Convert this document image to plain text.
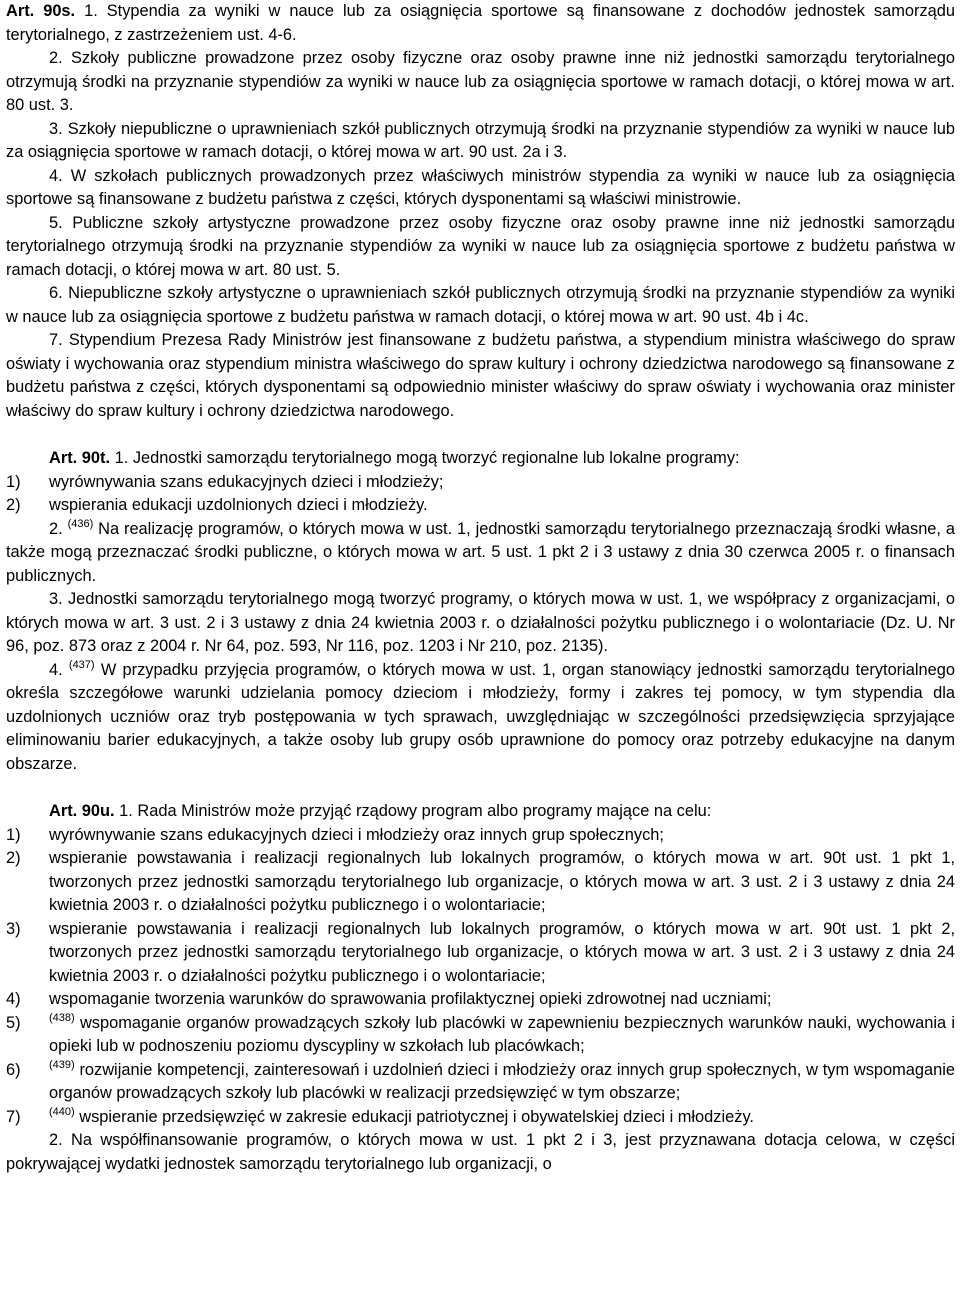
Art. 90s. 1. Stypendia za wyniki w nauce lub za osiągnięcia sportowe są finansowane z dochodów jednostek samorządu terytorialnego, z zastrzeżeniem ust. 4-6.

2. Szkoły publiczne prowadzone przez osoby fizyczne oraz osoby prawne inne niż jednostki samorządu terytorialnego otrzymują środki na przyznanie stypendiów za wyniki w nauce lub za osiągnięcia sportowe w ramach dotacji, o której mowa w art. 80 ust. 3.

3. Szkoły niepubliczne o uprawnieniach szkół publicznych otrzymują środki na przyznanie stypendiów za wyniki w nauce lub za osiągnięcia sportowe w ramach dotacji, o której mowa w art. 90 ust. 2a i 3.

4. W szkołach publicznych prowadzonych przez właściwych ministrów stypendia za wyniki w nauce lub za osiągnięcia sportowe są finansowane z budżetu państwa z części, których dysponentami są właściwi ministrowie.

5. Publiczne szkoły artystyczne prowadzone przez osoby fizyczne oraz osoby prawne inne niż jednostki samorządu terytorialnego otrzymują środki na przyznanie stypendiów za wyniki w nauce lub za osiągnięcia sportowe z budżetu państwa w ramach dotacji, o której mowa w art. 80 ust. 5.

6. Niepubliczne szkoły artystyczne o uprawnieniach szkół publicznych otrzymują środki na przyznanie stypendiów za wyniki w nauce lub za osiągnięcia sportowe z budżetu państwa w ramach dotacji, o której mowa w art. 90 ust. 4b i 4c.

7. Stypendium Prezesa Rady Ministrów jest finansowane z budżetu państwa, a stypendium ministra właściwego do spraw oświaty i wychowania oraz stypendium ministra właściwego do spraw kultury i ochrony dziedzictwa narodowego są finansowane z budżetu państwa z części, których dysponentami są odpowiednio minister właściwy do spraw oświaty i wychowania oraz minister właściwy do spraw kultury i ochrony dziedzictwa narodowego.

Art. 90t. 1. Jednostki samorządu terytorialnego mogą tworzyć regionalne lub lokalne programy:

1) wyrównywania szans edukacyjnych dzieci i młodzieży;
2) wspierania edukacji uzdolnionych dzieci i młodzieży.

2. $^{(436)}$ Na realizację programów, o których mowa w ust. 1, jednostki samorządu terytorialnego przeznaczają środki własne, a także mogą przeznaczać środki publiczne, o których mowa w art. 5 ust. 1 pkt 2 i 3 ustawy z dnia 30 czerwca 2005 r. o finansach publicznych.

3. Jednostki samorządu terytorialnego mogą tworzyć programy, o których mowa w ust. 1, we współpracy z organizacjami, o których mowa w art. 3 ust. 2 i 3 ustawy z dnia 24 kwietnia 2003 r. o działalności pożytku publicznego i o wolontariacie (Dz. U. Nr 96, poz. 873 oraz z 2004 r. Nr 64, poz. 593, Nr 116, poz. 1203 i Nr 210, poz. 2135).

4. $^{(437)}$ W przypadku przyjęcia programów, o których mowa w ust. 1, organ stanowiący jednostki samorządu terytorialnego określa szczegółowe warunki udzielania pomocy dzieciom i młodzieży, formy i zakres tej pomocy, w tym stypendia dla uzdolnionych uczniów oraz tryb postępowania w tych sprawach, uwzględniając w szczególności przedsięwzięcia sprzyjające eliminowaniu barier edukacyjnych, a także osoby lub grupy osób uprawnione do pomocy oraz potrzeby edukacyjne na danym obszarze.

Art. 90u. 1. Rada Ministrów może przyjąć rządowy program albo programy mające na celu:

1) wyrównywanie szans edukacyjnych dzieci i młodzieży oraz innych grup społecznych;
2) wspieranie powstawania i realizacji regionalnych lub lokalnych programów, o których mowa w art. 90t ust. 1 pkt 1, tworzonych przez jednostki samorządu terytorialnego lub organizacje, o których mowa w art. 3 ust. 2 i 3 ustawy z dnia 24 kwietnia 2003 r. o działalności pożytku publicznego i o wolontariacie;
3) wspieranie powstawania i realizacji regionalnych lub lokalnych programów, o których mowa w art. 90t ust. 1 pkt 2, tworzonych przez jednostki samorządu terytorialnego lub organizacje, o których mowa w art. 3 ust. 2 i 3 ustawy z dnia 24 kwietnia 2003 r. o działalności pożytku publicznego i o wolontariacie;
4) wspomaganie tworzenia warunków do sprawowania profilaktycznej opieki zdrowotnej nad uczniami;
5)	$^{(438)}$ wspomaganie organów prowadzących szkoły lub placówki w zapewnieniu bezpiecznych warunków nauki, wychowania i opieki lub w podnoszeniu poziomu dyscypliny w szkołach lub placówkach;
6)	$^{(439)}$ rozwijanie kompetencji, zainteresowań i uzdolnień dzieci i młodzieży oraz innych grup społecznych, w tym wspomaganie organów prowadzących szkoły lub placówki w realizacji przedsięwzięć w tym obszarze;
7)	$^{(440)}$ wspieranie przedsięwzięć w zakresie edukacji patriotycznej i obywatelskiej dzieci i młodzieży.

2. Na współfinansowanie programów, o których mowa w ust. 1 pkt 2 i 3, jest przyznawana dotacja celowa, w części pokrywającej wydatki jednostek samorządu terytorialnego lub organizacji, o
